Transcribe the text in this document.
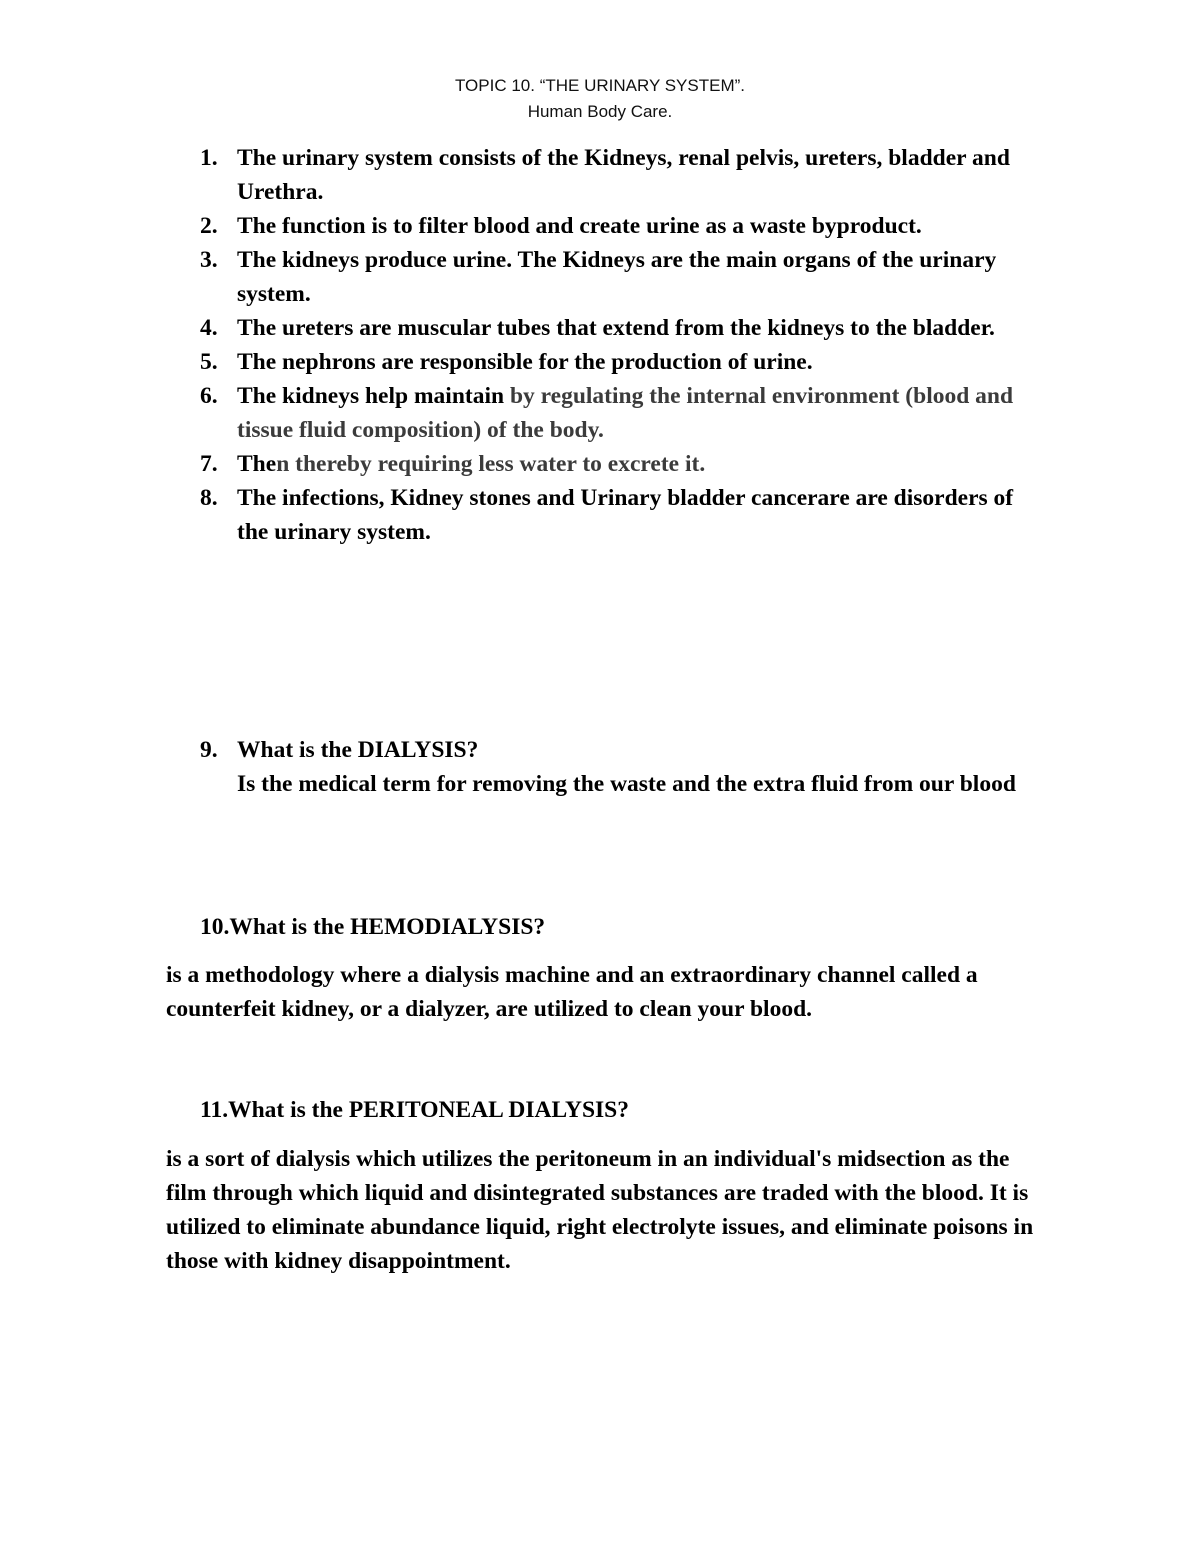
TOPIC 10. “THE URINARY SYSTEM”.
Human Body Care.
1. The urinary system consists of the Kidneys, renal pelvis, ureters, bladder and Urethra.
2. The function is to filter blood and create urine as a waste byproduct.
3. The kidneys produce urine. The Kidneys are the main organs of the urinary system.
4. The ureters are muscular tubes that extend from the kidneys to the bladder.
5. The nephrons are responsible for the production of urine.
6. The kidneys help maintain by regulating the internal environment (blood and tissue fluid composition) of the body.
7. Then thereby requiring less water to excrete it.
8. The infections, Kidney stones and Urinary bladder cancerare are disorders of the urinary system.
9. What is the DIALYSIS?
Is the medical term for removing the waste and the extra fluid from our blood
10.What is the HEMODIALYSIS?
is a methodology where a dialysis machine and an extraordinary channel called a counterfeit kidney, or a dialyzer, are utilized to clean your blood.
11.What is the PERITONEAL DIALYSIS?
is a sort of dialysis which utilizes the peritoneum in an individual's midsection as the film through which liquid and disintegrated substances are traded with the blood. It is utilized to eliminate abundance liquid, right electrolyte issues, and eliminate poisons in those with kidney disappointment.
